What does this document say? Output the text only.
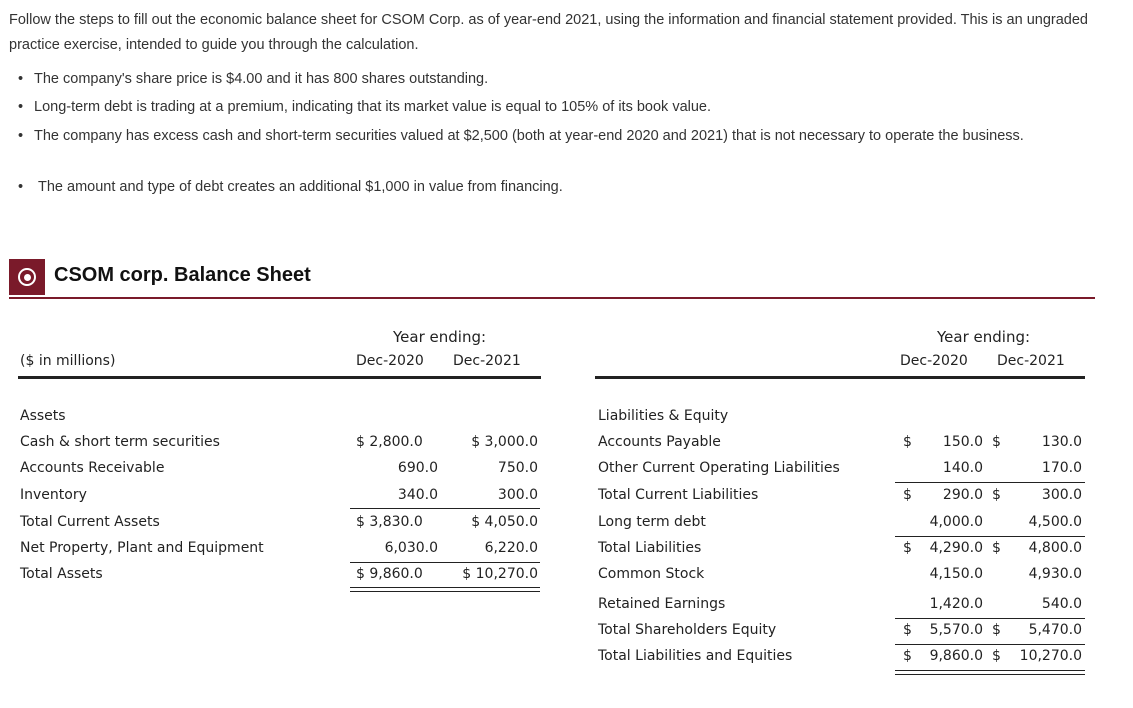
Follow the steps to fill out the economic balance sheet for CSOM Corp. as of year-end 2021, using the information and financial statement provided. This is an ungraded practice exercise, intended to guide you through the calculation.

• The company's share price is $4.00 and it has 800 shares outstanding.
• Long-term debt is trading at a premium, indicating that its market value is equal to 105% of its book value.
• The company has excess cash and short-term securities valued at $2,500 (both at year-end 2020 and 2021) that is not necessary to operate the business.
• The amount and type of debt creates an additional $1,000 in value from financing.
CSOM corp. Balance Sheet
Year ending:
($ in millions)	Dec-2020 Dec-2021
Assets
Cash & short term securities	$ 2,800.0	$ 3,000.0
Accounts Receivable	690.0	750.0
Inventory	340.0	300.0
Total Current Assets	$ 3,830.0	$ 4,050.0
Net Property, Plant and Equipment	6,030.0	6,220.0
Total Assets	$ 9,860.0	$ 10,270.0
Year ending:
Dec-2020 Dec-2021
Liabilities & Equity
Accounts Payable	$	150.0 $	130.0
Other Current Operating Liabilities	140.0	170.0
Total Current Liabilities	$	290.0 $	300.0
Long term debt	4,000.0	4,500.0
Total Liabilities	$	4,290.0 $	4,800.0
Common Stock	4,150.0	4,930.0
Retained Earnings	1,420.0	540.0
Total Shareholders Equity	$	5,570.0 $	5,470.0
Total Liabilities and Equities	$	9,860.0 $	10,270.0
